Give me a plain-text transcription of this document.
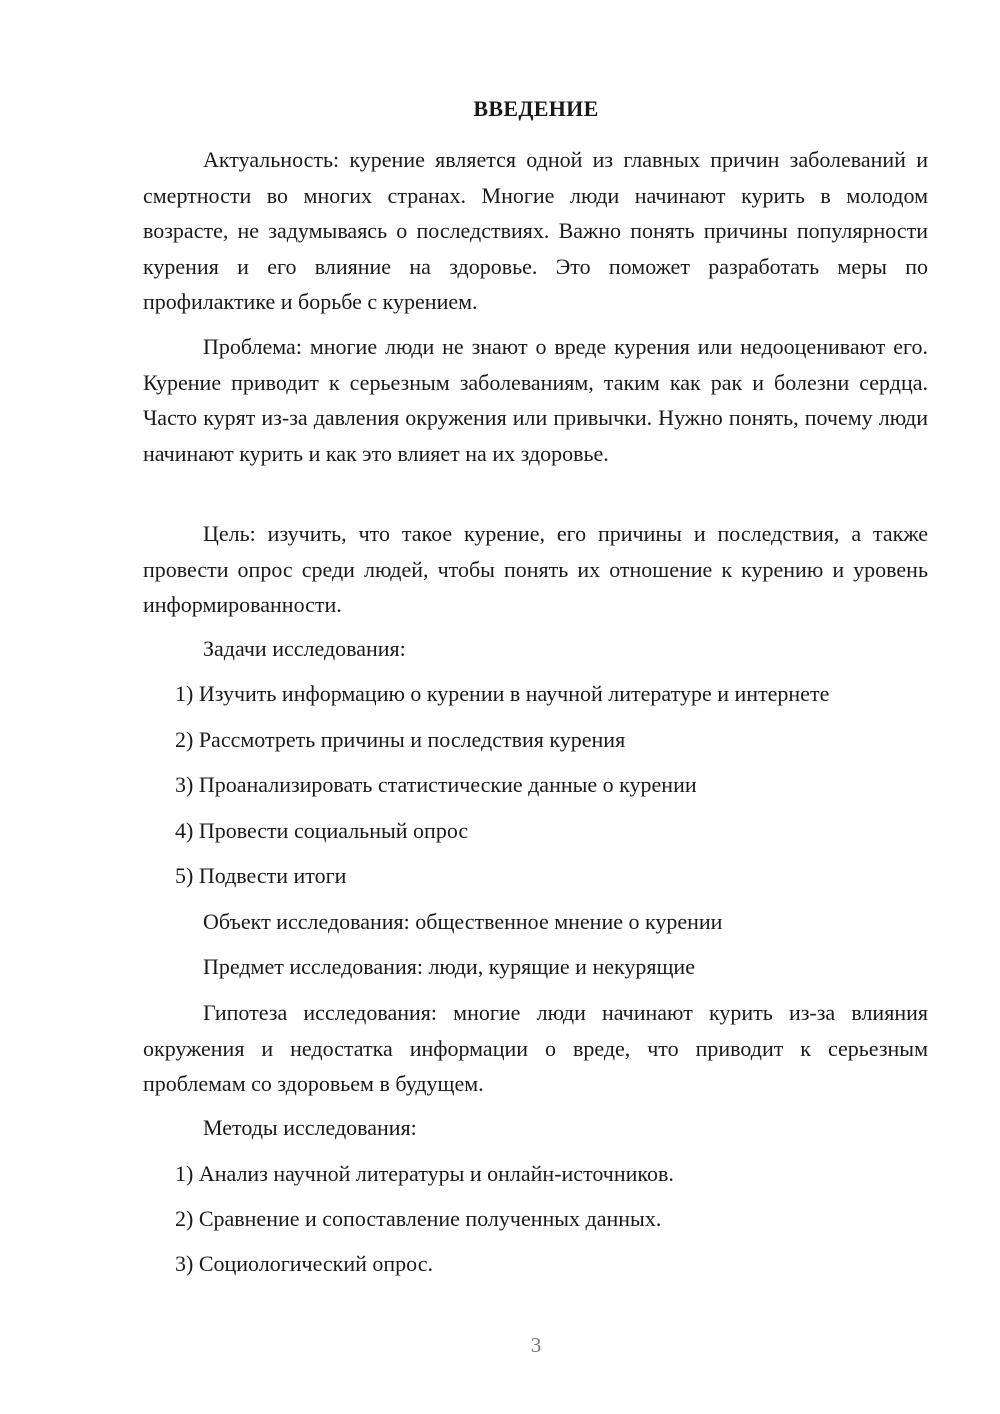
ВВЕДЕНИЕ

Актуальность: курение является одной из главных причин заболеваний и смертности во многих странах. Многие люди начинают курить в молодом возрасте, не задумываясь о последствиях. Важно понять причины популярности курения и его влияние на здоровье. Это поможет разработать меры по профилактике и борьбе с курением.

Проблема: многие люди не знают о вреде курения или недооценивают его. Курение приводит к серьезным заболеваниям, таким как рак и болезни сердца. Часто курят из-за давления окружения или привычки. Нужно понять, почему люди начинают курить и как это влияет на их здоровье.

Цель: изучить, что такое курение, его причины и последствия, а также провести опрос среди людей, чтобы понять их отношение к курению и уровень информированности.

Задачи исследования:

1) Изучить информацию о курении в научной литературе и интернете

2) Рассмотреть причины и последствия курения

3) Проанализировать статистические данные о курении

4) Провести социальный опрос

5) Подвести итоги

Объект исследования: общественное мнение о курении

Предмет исследования: люди, курящие и некурящие

Гипотеза исследования: многие люди начинают курить из-за влияния окружения и недостатка информации о вреде, что приводит к серьезным проблемам со здоровьем в будущем.

Методы исследования:

1) Анализ научной литературы и онлайн-источников.

2) Сравнение и сопоставление полученных данных.

3) Социологический опрос.

3
